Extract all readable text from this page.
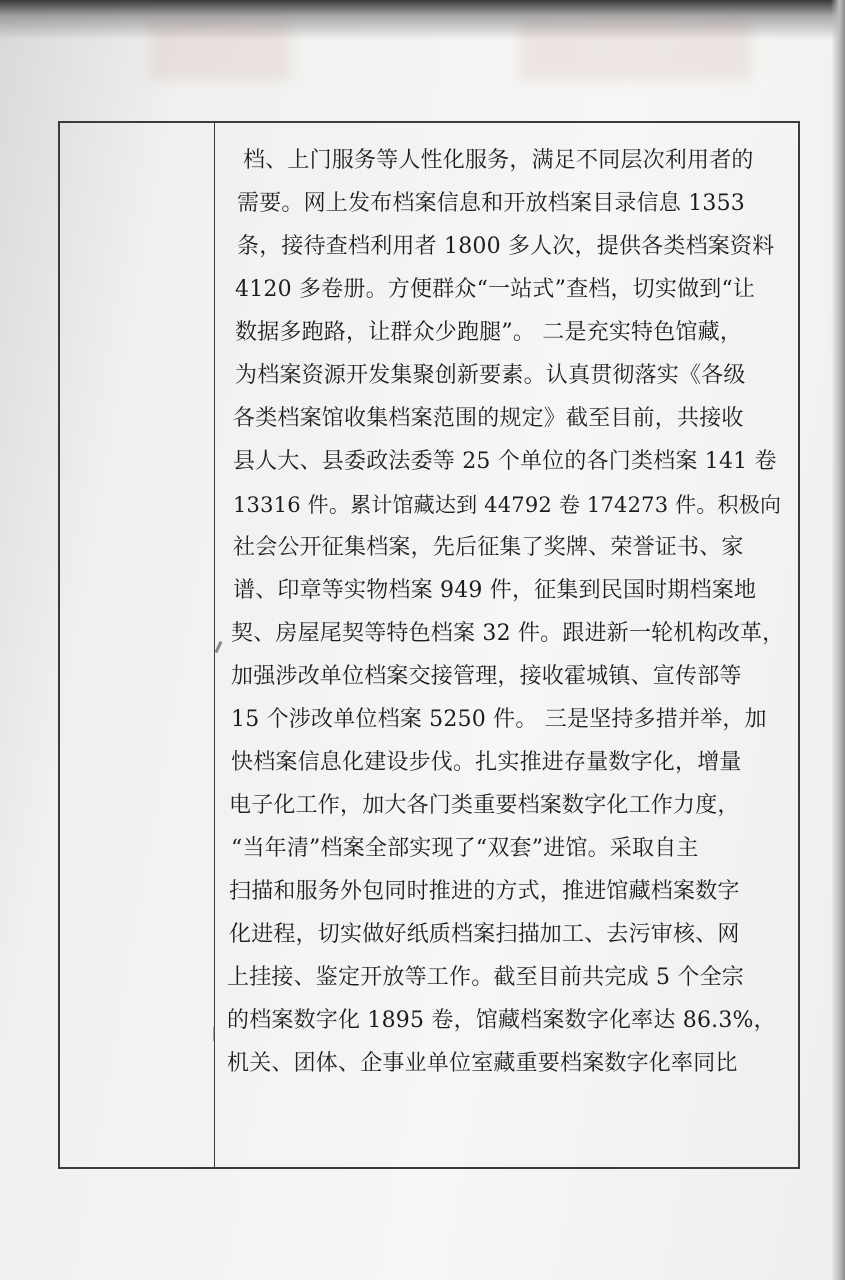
档、上门服务等人性化服务，满足不同层次利用者的
需要。网上发布档案信息和开放档案目录信息 1353
条，接待查档利用者 1800 多人次，提供各类档案资料
4120 多卷册。方便群众“一站式”查档，切实做到“让
数据多跑路，让群众少跑腿”。 二是充实特色馆藏，
为档案资源开发集聚创新要素。认真贯彻落实《各级
各类档案馆收集档案范围的规定》截至目前，共接收
县人大、县委政法委等 25 个单位的各门类档案 141 卷
13316 件。累计馆藏达到 44792 卷 174273 件。积极向
社会公开征集档案，先后征集了奖牌、荣誉证书、家
谱、印章等实物档案 949 件，征集到民国时期档案地
契、房屋尾契等特色档案 32 件。跟进新一轮机构改革，
加强涉改单位档案交接管理，接收霍城镇、宣传部等
15 个涉改单位档案 5250 件。 三是坚持多措并举，加
快档案信息化建设步伐。扎实推进存量数字化，增量
电子化工作，加大各门类重要档案数字化工作力度，
“当年清”档案全部实现了“双套”进馆。采取自主
扫描和服务外包同时推进的方式，推进馆藏档案数字
化进程，切实做好纸质档案扫描加工、去污审核、网
上挂接、鉴定开放等工作。截至目前共完成 5 个全宗
的档案数字化 1895 卷，馆藏档案数字化率达 86.3%，
机关、团体、企事业单位室藏重要档案数字化率同比
